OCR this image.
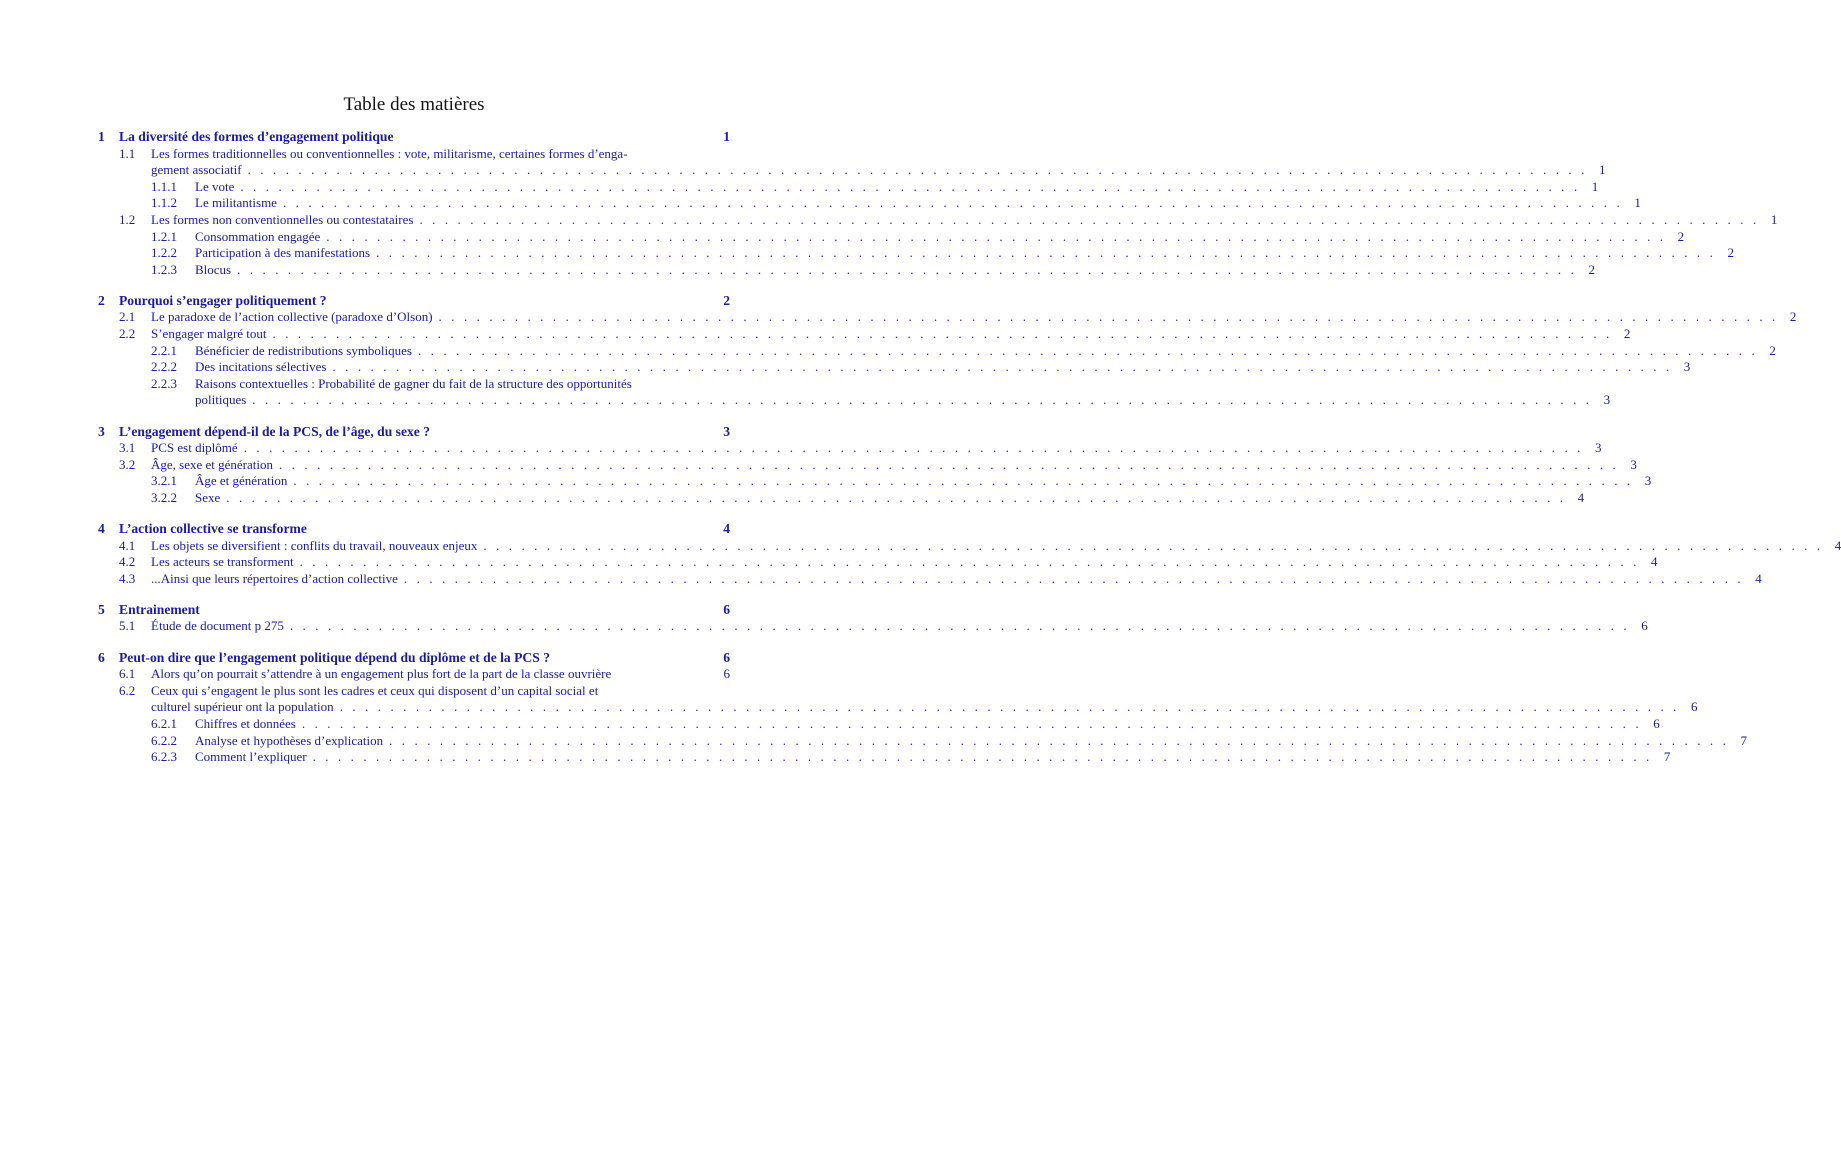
Table des matières
1	La diversité des formes d’engagement politique	1
1.1	Les formes traditionnelles ou conventionnelles : vote, militarisme, certaines formes d’enga-
gement associatif . . .	1
1.1.1	Le vote . . .	1
1.1.2	Le militantisme . . .	1
1.2	Les formes non conventionnelles ou contestataires . . .	1
1.2.1	Consommation engagée . . .	2
1.2.2	Participation à des manifestations . . .	2
1.2.3	Blocus . . .	2
2	Pourquoi s’engager politiquement ?	2
2.1	Le paradoxe de l’action collective (paradoxe d’Olson) . . .	2
2.2	S’engager malgré tout . . .	2
2.2.1	Bénéficier de redistributions symboliques . . .	2
2.2.2	Des incitations sélectives . . .	3
2.2.3	Raisons contextuelles : Probabilité de gagner du fait de la structure des opportunités
politiques . . .	3
3	L’engagement dépend-il de la PCS, de l’âge, du sexe ?	3
3.1	PCS est diplômé . . .	3
3.2	Âge, sexe et génération . . .	3
3.2.1	Âge et génération . . .	3
3.2.2	Sexe . . .	4
4	L’action collective se transforme	4
4.1	Les objets se diversifient : conflits du travail, nouveaux enjeux . . .	4
4.2	Les acteurs se transforment . . .	4
4.3	...Ainsi que leurs répertoires d’action collective . . .	4
5	Entrainement	6
5.1	Étude de document p 275 . . .	6
6	Peut-on dire que l’engagement politique dépend du diplôme et de la PCS ?	6
6.1	Alors qu’on pourrait s’attendre à un engagement plus fort de la part de la classe ouvrière	6
6.2	Ceux qui s’engagent le plus sont les cadres et ceux qui disposent d’un capital social et
culturel supérieur ont la population . . .	6
6.2.1	Chiffres et données . . .	6
6.2.2	Analyse et hypothèses d’explication . . .	7
6.2.3	Comment l’expliquer . . .	7
